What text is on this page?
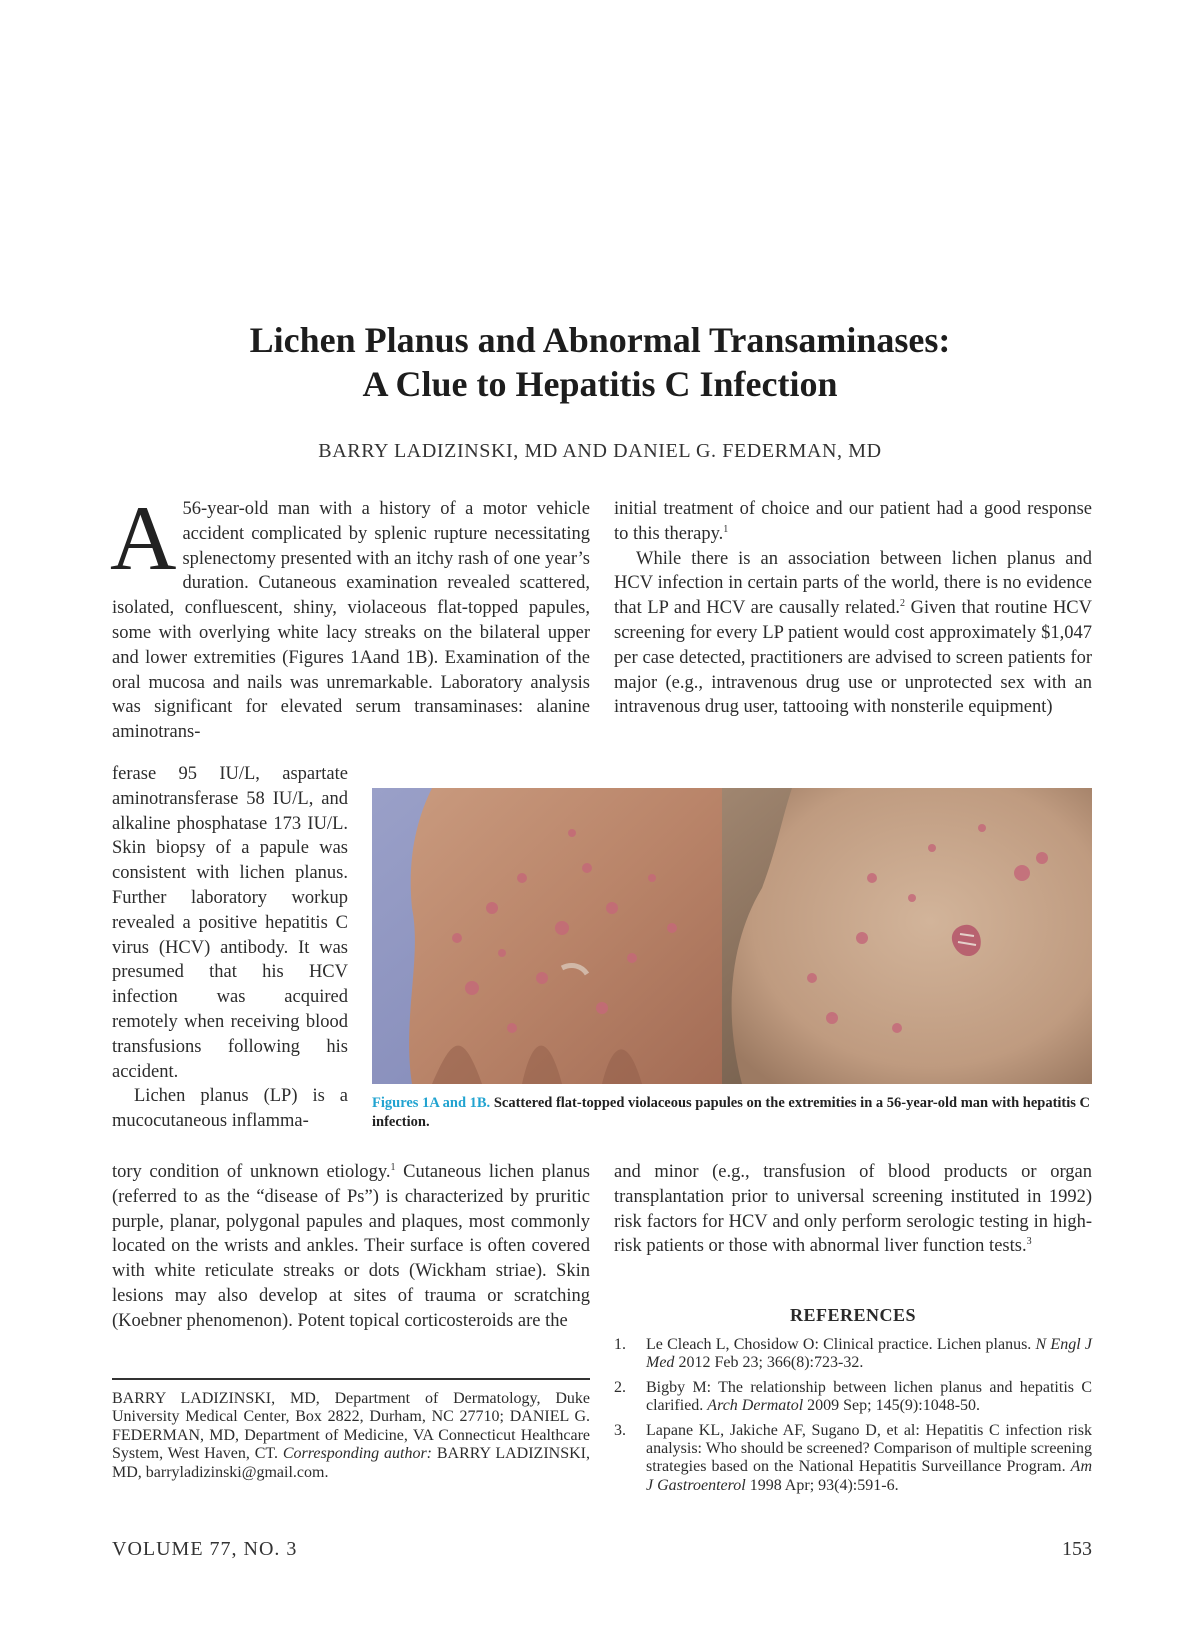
Lichen Planus and Abnormal Transaminases:
A Clue to Hepatitis C Infection
BARRY LADIZINSKI, MD AND DANIEL G. FEDERMAN, MD

A 56-year-old man with a history of a motor vehicle accident complicated by splenic rupture necessitating splenectomy presented with an itchy rash of one year’s duration. Cutaneous examination revealed scattered, isolated, confluescent, shiny, violaceous flat-topped papules, some with overlying white lacy streaks on the bilateral upper and lower extremities (Figures 1Aand 1B). Examination of the oral mucosa and nails was unremarkable. Laboratory analysis was significant for elevated serum transaminases: alanine aminotrans-

ferase 95 IU/L, aspartate aminotransferase 58 IU/L, and alkaline phosphatase 173 IU/L. Skin biopsy of a papule was consistent with lichen planus. Further laboratory workup revealed a positive hepatitis C virus (HCV) antibody. It was presumed that his HCV infection was acquired remotely when receiving blood transfusions following his accident.

Lichen planus (LP) is a mucocutaneous inflamma-

tory condition of unknown etiology.$^1$ Cutaneous lichen planus (referred to as the “disease of Ps”) is characterized by pruritic purple, planar, polygonal papules and plaques, most commonly located on the wrists and ankles. Their surface is often covered with white reticulate streaks or dots (Wickham striae). Skin lesions may also develop at sites of trauma or scratching (Koebner phenomenon). Potent topical corticosteroids are the

initial treatment of choice and our patient had a good response to this therapy.$^1$

While there is an association between lichen planus and HCV infection in certain parts of the world, there is no evidence that LP and HCV are causally related.$^2$ Given that routine HCV screening for every LP patient would cost approximately $1,047 per case detected, practitioners are advised to screen patients for major (e.g., intravenous drug use or unprotected sex with an intravenous drug user, tattooing with nonsterile equipment)

Figures 1A and 1B. Scattered flat-topped violaceous papules on the extremities in a 56-year-old man with hepatitis C infection.

and minor (e.g., transfusion of blood products or organ transplantation prior to universal screening instituted in 1992) risk factors for HCV and only perform serologic testing in high-risk patients or those with abnormal liver function tests.$^3$

BARRY LADIZINSKI, MD, Department of Dermatology, Duke University Medical Center, Box 2822, Durham, NC 27710; DANIEL G. FEDERMAN, MD, Department of Medicine, VA Connecticut Healthcare System, West Haven, CT. Corresponding author: BARRY LADIZINSKI, MD, barryladizinski@gmail.com.
REFERENCES
1. Le Cleach L, Chosidow O: Clinical practice. Lichen planus. N Engl J Med 2012 Feb 23; 366(8):723-32.
2. Bigby M: The relationship between lichen planus and hepatitis C clarified. Arch Dermatol 2009 Sep; 145(9):1048-50.
3. Lapane KL, Jakiche AF, Sugano D, et al: Hepatitis C infection risk analysis: Who should be screened? Comparison of multiple screening strategies based on the National Hepatitis Surveillance Program. Am J Gastroenterol 1998 Apr; 93(4):591-6.
VOLUME 77, NO. 3	153
